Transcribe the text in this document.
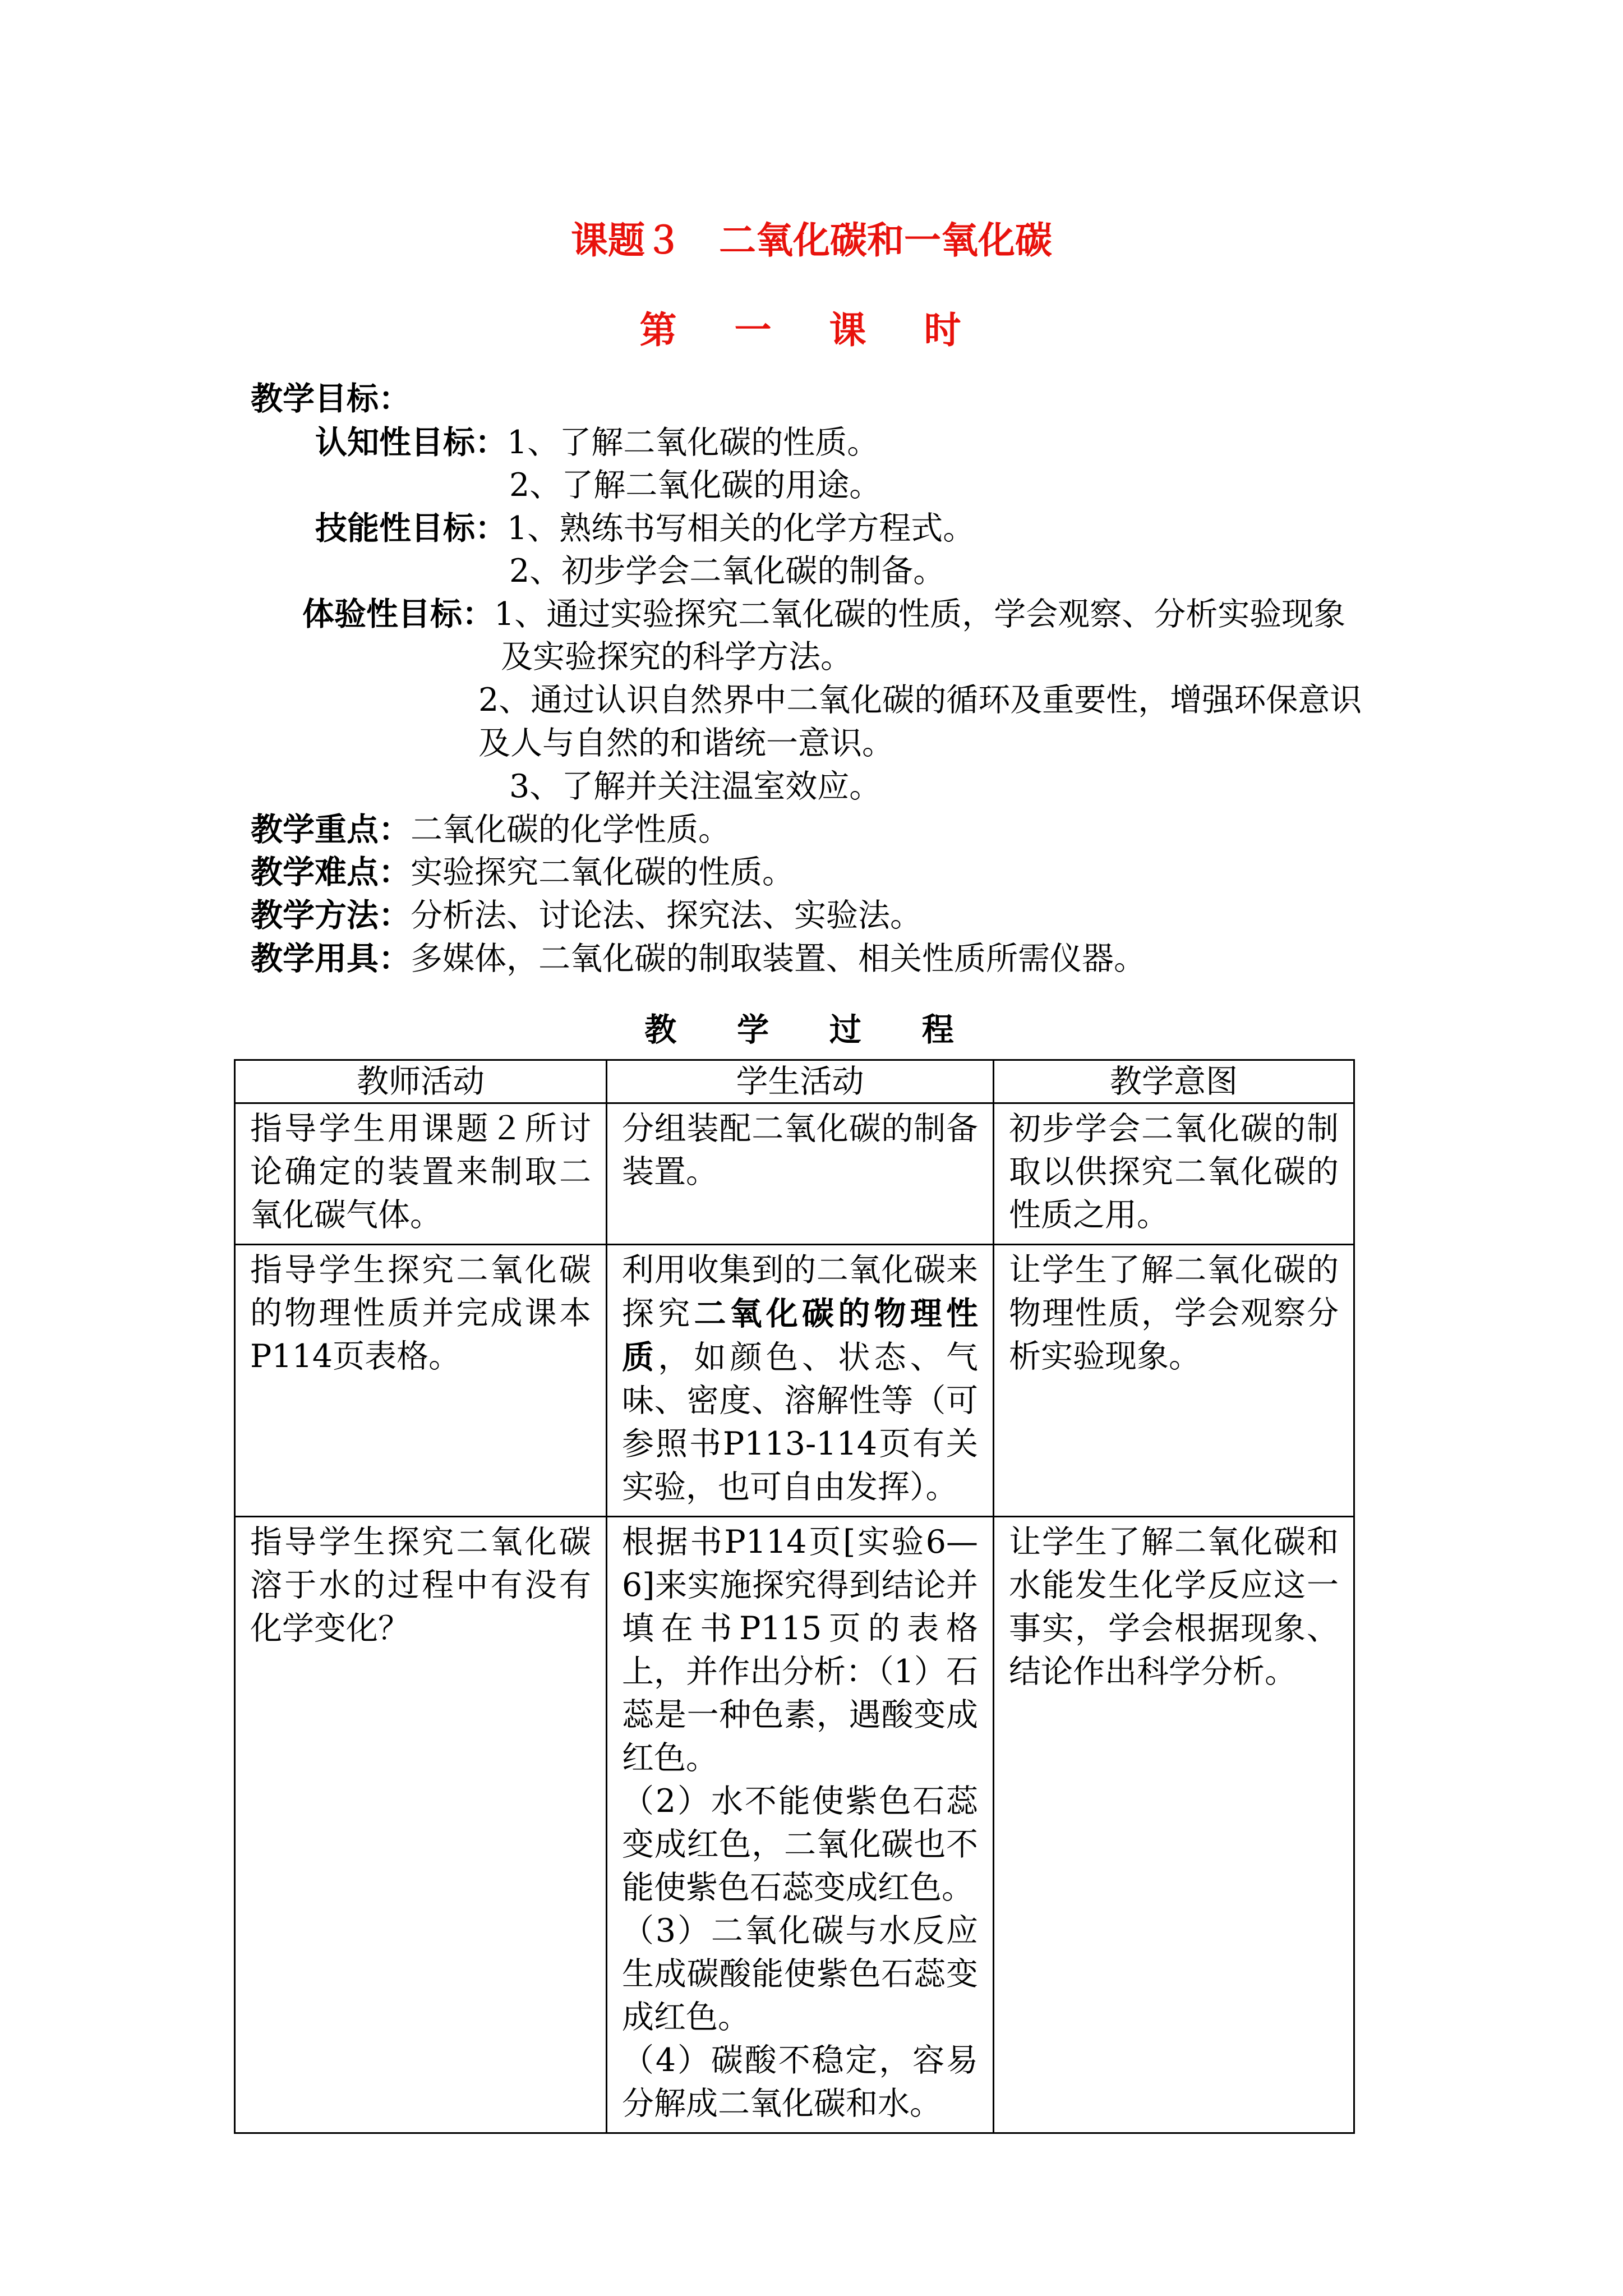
课题３　二氧化碳和一氧化碳
第 一 课 时
教学目标：
认知性目标：1、了解二氧化碳的性质。
2、了解二氧化碳的用途。
技能性目标：1、熟练书写相关的化学方程式。
2、初步学会二氧化碳的制备。
体验性目标：1、通过实验探究二氧化碳的性质，学会观察、分析实验现象
及实验探究的科学方法。
2、通过认识自然界中二氧化碳的循环及重要性，增强环保意识
及人与自然的和谐统一意识。
3、了解并关注温室效应。
教学重点：二氧化碳的化学性质。
教学难点：实验探究二氧化碳的性质。
教学方法：分析法、讨论法、探究法、实验法。
教学用具：多媒体，二氧化碳的制取装置、相关性质所需仪器。
教 学 过 程
教师活动	学生活动	教学意图
指导学生用课题２所讨论确定的装置来制取二氧化碳气体。	分组装配二氧化碳的制备装置。	初步学会二氧化碳的制取以供探究二氧化碳的性质之用。
指导学生探究二氧化碳的物理性质并完成课本P114页表格。	利用收集到的二氧化碳来探究二氧化碳的物理性质，如颜色、状态、气味、密度、溶解性等（可参照书P113-114页有关实验，也可自由发挥）。	让学生了解二氧化碳的物理性质，学会观察分析实验现象。
指导学生探究二氧化碳溶于水的过程中有没有化学变化？	根据书P114页[实验6—6]来实施探究得到结论并填在书P115页的表格上，并作出分析：（1）石蕊是一种色素，遇酸变成红色。
（2）水不能使紫色石蕊变成红色，二氧化碳也不能使紫色石蕊变成红色。
（3）二氧化碳与水反应生成碳酸能使紫色石蕊变成红色。
（4）碳酸不稳定，容易分解成二氧化碳和水。	让学生了解二氧化碳和水能发生化学反应这一事实，学会根据现象、结论作出科学分析。
